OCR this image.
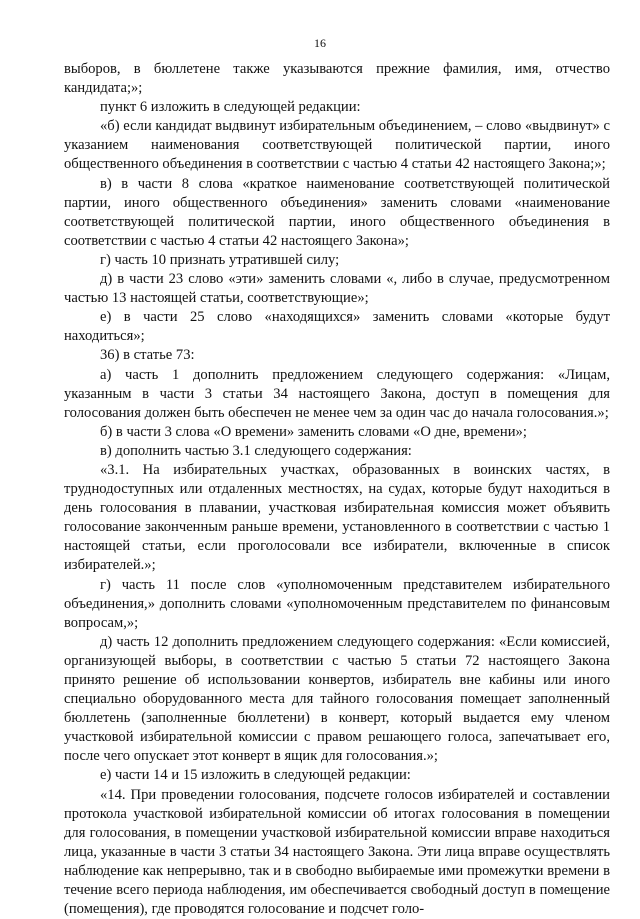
16

выборов, в бюллетене также указываются прежние фамилия, имя, отчество кандидата;»;

пункт 6 изложить в следующей редакции:

«б) если кандидат выдвинут избирательным объединением, – слово «выдвинут» с указанием наименования соответствующей политической партии, иного общественного объединения в соответствии с частью 4 статьи 42 настоящего Закона;»;

в) в части 8 слова «краткое наименование соответствующей политической партии, иного общественного объединения» заменить словами «наименование соответствующей политической партии, иного общественного объединения в соответствии с частью 4 статьи 42 настоящего Закона»;

г) часть 10 признать утратившей силу;

д) в части 23 слово «эти» заменить словами «, либо в случае, предусмотренном частью 13 настоящей статьи, соответствующие»;

е) в части 25 слово «находящихся» заменить словами «которые будут находиться»;

36) в статье 73:

а) часть 1 дополнить предложением следующего содержания: «Лицам, указанным в части 3 статьи 34 настоящего Закона, доступ в помещения для голосования должен быть обеспечен не менее чем за один час до начала голосования.»;

б) в части 3 слова «О времени» заменить словами «О дне, времени»;

в) дополнить частью 3.1 следующего содержания:

«3.1. На избирательных участках, образованных в воинских частях, в труднодоступных или отдаленных местностях, на судах, которые будут находиться в день голосования в плавании, участковая избирательная комиссия может объявить голосование законченным раньше времени, установленного в соответствии с частью 1 настоящей статьи, если проголосовали все избиратели, включенные в список избирателей.»;

г) часть 11 после слов «уполномоченным представителем избирательного объединения,» дополнить словами «уполномоченным представителем по финансовым вопросам,»;

д) часть 12 дополнить предложением следующего содержания: «Если комиссией, организующей выборы, в соответствии с частью 5 статьи 72 настоящего Закона принято решение об использовании конвертов, избиратель вне кабины или иного специально оборудованного места для тайного голосования помещает заполненный бюллетень (заполненные бюллетени) в конверт, который выдается ему членом участковой избирательной комиссии с правом решающего голоса, запечатывает его, после чего опускает этот конверт в ящик для голосования.»;

е) части 14 и 15 изложить в следующей редакции:

«14. При проведении голосования, подсчете голосов избирателей и составлении протокола участковой избирательной комиссии об итогах голосования в помещении для голосования, в помещении участковой избирательной комиссии вправе находиться лица, указанные в части 3 статьи 34 настоящего Закона. Эти лица вправе осуществлять наблюдение как непрерывно, так и в свободно выбираемые ими промежутки времени в течение всего периода наблюдения, им обеспечивается свободный доступ в помещение (помещения), где проводятся голосование и подсчет голо-
